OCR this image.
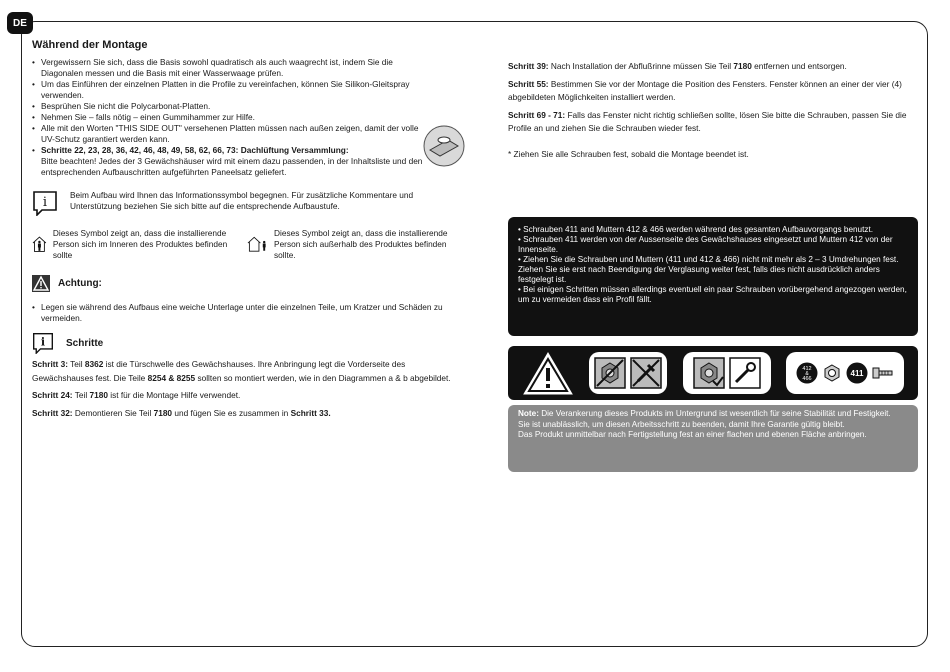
DE
Während der Montage
• Vergewissern Sie sich, dass die Basis sowohl quadratisch als auch waagrecht ist, indem Sie die Diagonalen messen und die Basis mit einer Wasserwaage prüfen.
• Um das Einführen der einzelnen Platten in die Profile zu vereinfachen, können Sie Silikon-Gleitspray verwenden.
• Besprühen Sie nicht die Polycarbonat-Platten.
• Nehmen Sie – falls nötig – einen Gummihammer zur Hilfe.
• Alle mit den Worten "THIS SIDE OUT" versehenen Platten müssen nach außen zeigen, damit der volle UV-Schutz garantiert werden kann.
• Schritte 22, 23, 28, 36, 42, 46, 48, 49, 58, 62, 66, 73: Dachlüftung Versammlung:
Bitte beachten! Jedes der 3 Gewächshäuser wird mit einem dazu passenden, in der Inhaltsliste und den entsprechenden Aufbauschritten aufgeführten Paneelsatz geliefert.
i	Beim Aufbau wird Ihnen das Informationssymbol begegnen. Für zusätzliche Kommentare und Unterstützung beziehen Sie sich bitte auf die entsprechende Aufbaustufe.
Dieses Symbol zeigt an, dass die installierende Person sich im Inneren des Produktes befinden sollte
Dieses Symbol zeigt an, dass die installierende Person sich außerhalb des Produktes befinden sollte.
Achtung:
• Legen sie während des Aufbaus eine weiche Unterlage unter die einzelnen Teile, um Kratzer und Schäden zu vermeiden.
i Schritte

Schritt 3: Teil 8362 ist die Türschwelle des Gewächshauses. Ihre Anbringung legt die Vorderseite des Gewächshauses fest. Die Teile 8254 & 8255 sollten so montiert werden, wie in den Diagrammen a & b abgebildet.

Schritt 24: Teil 7180 ist für die Montage Hilfe verwendet.

Schritt 32: Demontieren Sie Teil 7180 und fügen Sie es zusammen in Schritt 33.

Schritt 39: Nach Installation der Abflußrinne müssen Sie Teil 7180 entfernen und entsorgen.

Schritt 55: Bestimmen Sie vor der Montage die Position des Fensters. Fenster können an einer der vier (4) abgebildeten Möglichkeiten installiert werden.

Schritt 69 - 71: Falls das Fenster nicht richtig schließen sollte, lösen Sie bitte die Schrauben, passen Sie die Profile an und ziehen Sie die Schrauben wieder fest.

* Ziehen Sie alle Schrauben fest, sobald die Montage beendet ist.

• Schrauben 411 and Muttern 412 & 466 werden während des gesamten Aufbauvorgangs benutzt.
• Schrauben 411 werden von der Aussenseite des Gewächshauses eingesetzt und Muttern 412 von der Innenseite.
• Ziehen Sie die Schrauben und Muttern (411 und 412 & 466) nicht mit mehr als 2 – 3 Umdrehungen fest. Ziehen Sie sie erst nach Beendigung der Verglasung weiter fest, falls dies nicht ausdrücklich anders festgelegt ist.
• Bei einigen Schritten müssen allerdings eventuell ein paar Schrauben vorübergehend angezogen werden, um zu vermeiden dass ein Profil fällt.
412
&
466
411
Note: Die Verankerung dieses Produkts im Untergrund ist wesentlich für seine Stabilität und Festigkeit.
Sie ist unablässlich, um diesen Arbeitsschritt zu beenden, damit Ihre Garantie gültig bleibt.
Das Produkt unmittelbar nach Fertigstellung fest an einer flachen und ebenen Fläche anbringen.
